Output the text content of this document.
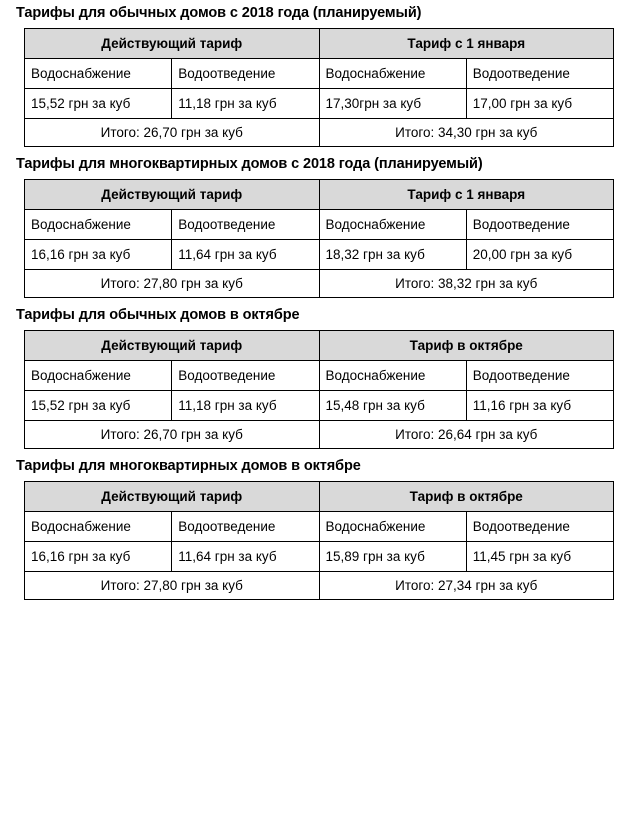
Тарифы для обычных домов с 2018 года (планируемый)
Действующий тариф		Тариф с 1 января	
Водоснабжение	Водоотведение	Водоснабжение	Водоотведение
15,52 грн за куб	11,18 грн за куб	17,30грн за куб	17,00 грн за куб
Итого: 26,70 грн за куб		Итого: 34,30 грн за куб	
Тарифы для многоквартирных домов с 2018 года (планируемый)
Действующий тариф		Тариф с 1 января	
Водоснабжение	Водоотведение	Водоснабжение	Водоотведение
16,16 грн за куб	11,64 грн за куб	18,32 грн за куб	20,00 грн за куб
Итого: 27,80 грн за куб		Итого: 38,32 грн за куб	
Тарифы для обычных домов в октябре
Действующий тариф		Тариф в октябре	
Водоснабжение	Водоотведение	Водоснабжение	Водоотведение
15,52 грн за куб	11,18 грн за куб	15,48 грн за куб	11,16 грн за куб
Итого: 26,70 грн за куб		Итого: 26,64 грн за куб	
Тарифы для многоквартирных домов в октябре
Действующий тариф		Тариф в октябре	
Водоснабжение	Водоотведение	Водоснабжение	Водоотведение
16,16 грн за куб	11,64 грн за куб	15,89 грн за куб	11,45 грн за куб
Итого: 27,80 грн за куб		Итого: 27,34 грн за куб	
